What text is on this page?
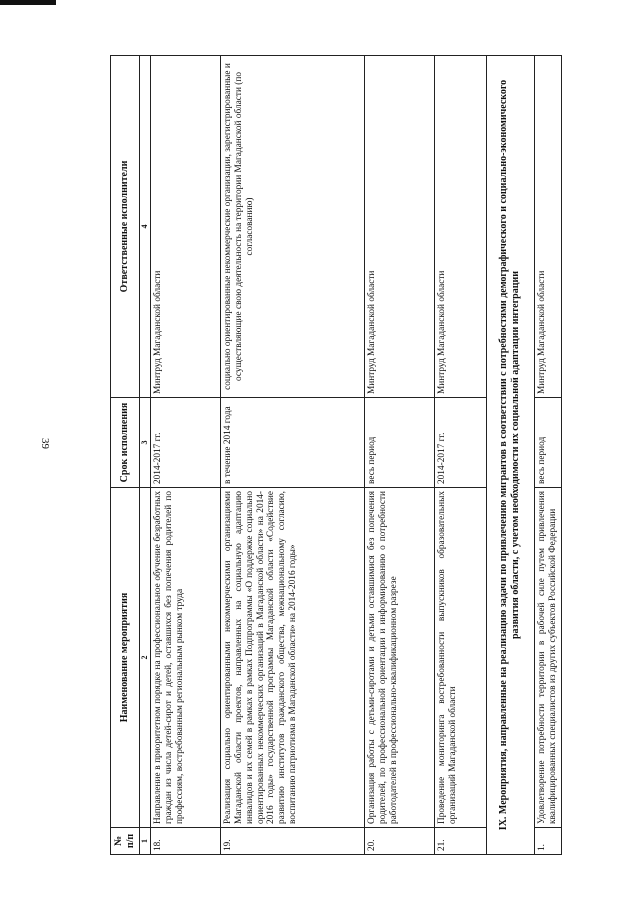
39
№ п/п	Наименование мероприятия	Срок исполнения	Ответственные исполнители
1	2	3	4
18.	Направление в приоритетном порядке на профессиональное обучение безработных граждан из числа детей-сирот и детей, оставшихся без попечения родителей по профессиям, востребованным региональным рынком труда	2014-2017 гг.	Минтруд Магаданской области
19.	Реализация социально ориентированными некоммерческими организациями Магаданской области проектов, направленных на социальную адаптацию инвалидов и их семей в рамках в рамках Подпрограммы «О поддержке социально ориентированных некоммерческих организаций в Магаданской области» на 2014-2016 годы» государственной программы Магаданской области «Содействие развитию институтов гражданского общества, межнациональному согласию, воспитанию патриотизма в Магаданской области» на 2014-2016 годы»	в течение 2014 года	социально ориентированные некоммерческие организации, зарегистрированные и осуществляющие свою деятельность на территории Магаданской области (по согласованию)
20.	Организация работы с детьми-сиротами и детьми оставшимися без попечения родителей, по профессиональной ориентации и информированию о потребности работодателей в профессионально-квалификационном разрезе	весь период	Минтруд Магаданской области
21.	Проведение мониторинга востребованности выпускников образовательных организаций Магаданской области	2014-2017 гг.	Минтруд Магаданской области
IX. Мероприятия, направленные на реализацию задачи по привлечению мигрантов в соответствии с потребностями демографического и социально-экономического развития области, с учетом необходимости их социальной адаптации интеграции			
1.	Удовлетворение потребности территории в рабочей силе путем привлечения квалифицированных специалистов из других субъектов Российской Федерации	весь период	Минтруд Магаданской области
